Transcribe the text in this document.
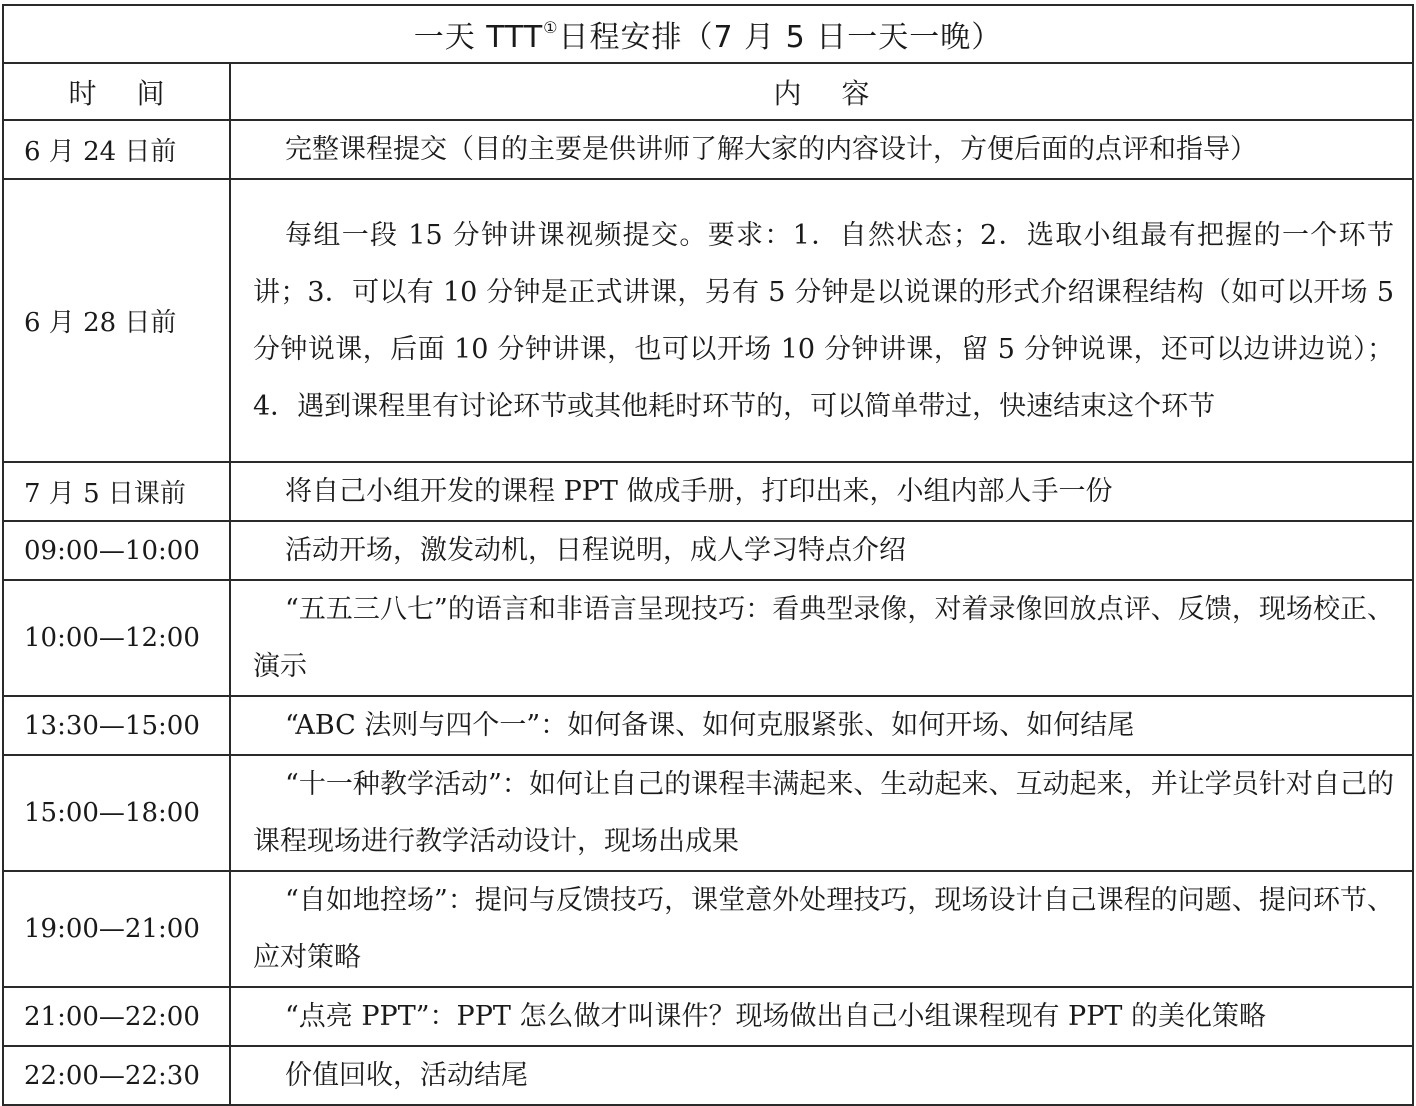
一天 TTT①日程安排（7 月 5 日一天一晚）	
时间	内容
6 月 24 日前	完整课程提交（目的主要是供讲师了解大家的内容设计，方便后面的点评和指导）
6 月 28 日前	每组一段 15 分钟讲课视频提交。要求：1．自然状态；2．选取小组最有把握的一个环节讲；3．可以有 10 分钟是正式讲课，另有 5 分钟是以说课的形式介绍课程结构（如可以开场 5 分钟说课，后面 10 分钟讲课，也可以开场 10 分钟讲课，留 5 分钟说课，还可以边讲边说）；4．遇到课程里有讨论环节或其他耗时环节的，可以简单带过，快速结束这个环节
7 月 5 日课前	将自己小组开发的课程 PPT 做成手册，打印出来，小组内部人手一份
09:00—10:00	活动开场，激发动机，日程说明，成人学习特点介绍
10:00—12:00	“五五三八七”的语言和非语言呈现技巧：看典型录像，对着录像回放点评、反馈，现场校正、演示
13:30—15:00	“ABC 法则与四个一”：如何备课、如何克服紧张、如何开场、如何结尾
15:00—18:00	“十一种教学活动”：如何让自己的课程丰满起来、生动起来、互动起来，并让学员针对自己的课程现场进行教学活动设计，现场出成果
19:00—21:00	“自如地控场”：提问与反馈技巧，课堂意外处理技巧，现场设计自己课程的问题、提问环节、应对策略
21:00—22:00	“点亮 PPT”：PPT 怎么做才叫课件？现场做出自己小组课程现有 PPT 的美化策略
22:00—22:30	价值回收，活动结尾
